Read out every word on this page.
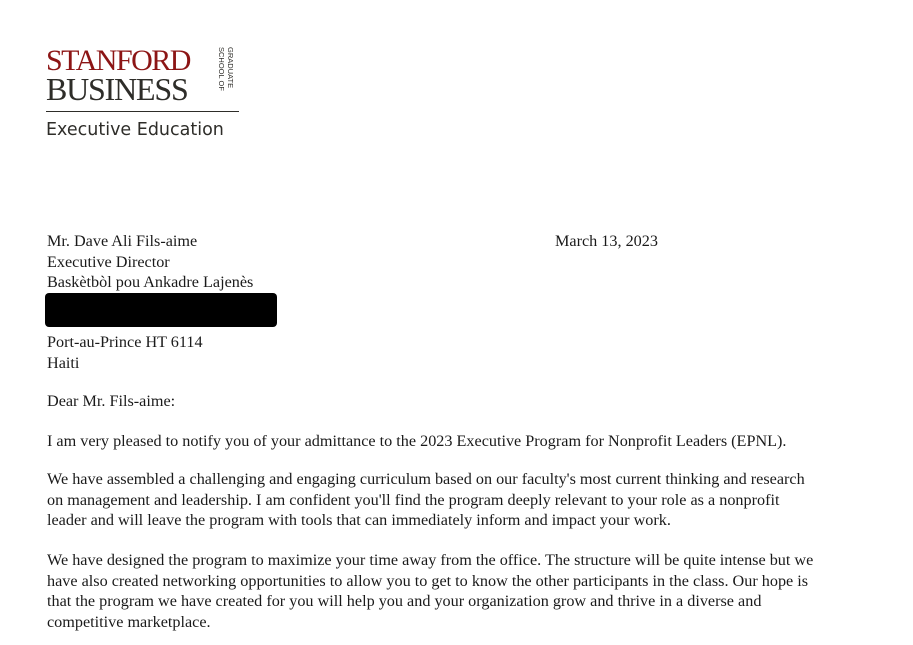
STANFORD
BUSINESS
GRADUATE
SCHOOL OF
Executive Education
Mr. Dave Ali Fils-aime
Executive Director
Baskètbòl pou Ankadre Lajenès
Port-au-Prince HT 6114
Haiti
March 13, 2023
Dear Mr. Fils-aime:
I am very pleased to notify you of your admittance to the 2023 Executive Program for Nonprofit Leaders (EPNL).
We have assembled a challenging and engaging curriculum based on our faculty's most current thinking and research
on management and leadership. I am confident you'll find the program deeply relevant to your role as a nonprofit
leader and will leave the program with tools that can immediately inform and impact your work.
We have designed the program to maximize your time away from the office. The structure will be quite intense but we
have also created networking opportunities to allow you to get to know the other participants in the class. Our hope is
that the program we have created for you will help you and your organization grow and thrive in a diverse and
competitive marketplace.
